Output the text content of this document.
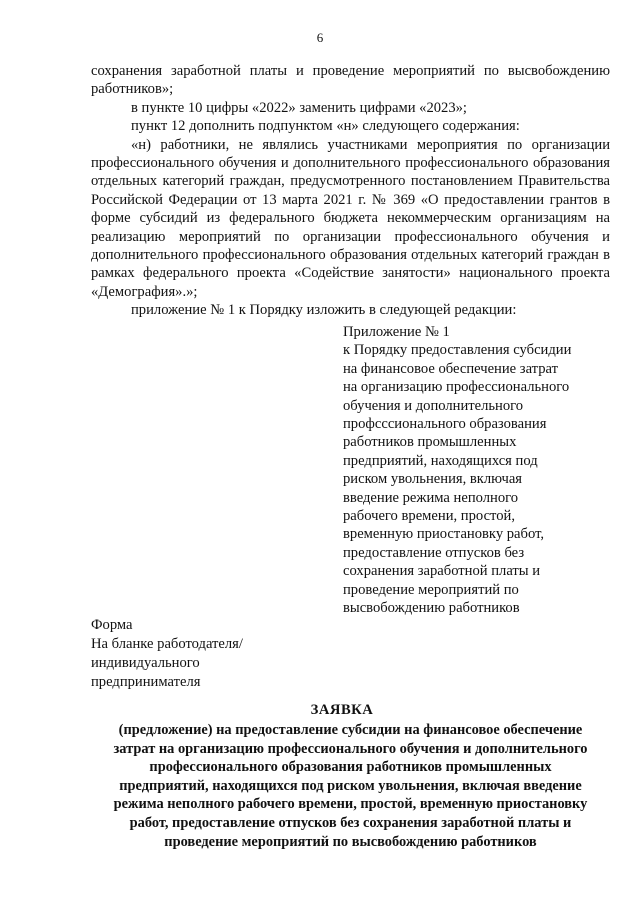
6

сохранения заработной платы и проведение мероприятий по высвобождению работников»;

в пункте 10 цифры «2022» заменить цифрами «2023»;

пункт 12 дополнить подпунктом «н» следующего содержания:

«н) работники, не являлись участниками мероприятия по организации профессионального обучения и дополнительного профессионального образования отдельных категорий граждан, предусмотренного постановлением Правительства Российской Федерации от 13 марта 2021 г. № 369 «О предоставлении грантов в форме субсидий из федерального бюджета некоммерческим организациям на реализацию мероприятий по организации профессионального обучения и дополнительного профессионального образования отдельных категорий граждан в рамках федерального проекта «Содействие занятости» национального проекта «Демография».»;

приложение № 1 к Порядку изложить в следующей редакции:

Приложение № 1
к Порядку предоставления субсидии
на финансовое обеспечение затрат
на организацию профессионального
обучения и дополнительного
профсссионального образования
работников промышленных
предприятий, находящихся под
риском увольнения, включая
введение режима неполного
рабочего времени, простой,
временную приостановку работ,
предоставление отпусков без
сохранения заработной платы и
проведение мероприятий по
высвобождению работников
Форма
На бланке работодателя/
индивидуального
предпринимателя
ЗАЯВКА
(предложение) на предоставление субсидии на финансовое обеспечение
затрат на организацию профессионального обучения и дополнительного
профессионального образования работников промышленных
предприятий, находящихся под риском увольнения, включая введение
режима неполного рабочего времени, простой, временную приостановку
работ, предоставление отпусков без сохранения заработной платы и
проведение мероприятий по высвобождению работников
